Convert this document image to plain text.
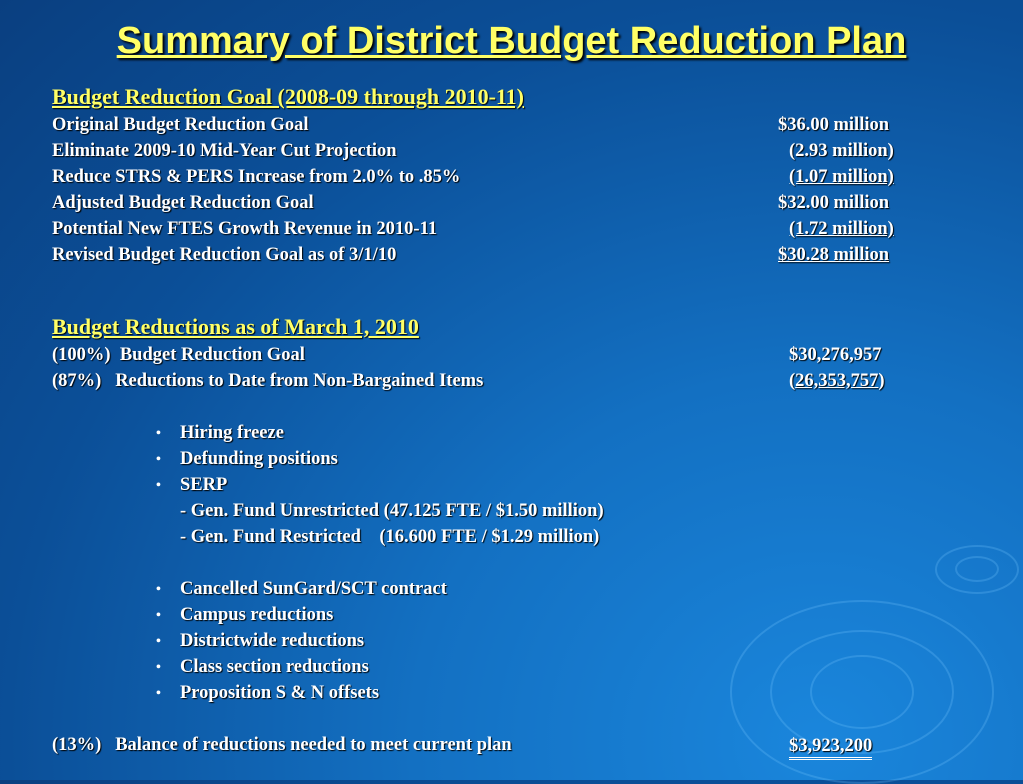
Summary of District Budget Reduction Plan
Budget Reduction Goal (2008-09 through 2010-11)
Original Budget Reduction Goal	$36.00 million
Eliminate 2009-10 Mid-Year Cut Projection	(2.93 million)
Reduce STRS & PERS Increase from 2.0% to .85%	(1.07 million)
Adjusted Budget Reduction Goal	$32.00 million
Potential New FTES Growth Revenue in 2010-11	(1.72 million)
Revised Budget Reduction Goal as of 3/1/10	$30.28 million
Budget Reductions as of March 1, 2010
(100%)  Budget Reduction Goal	$30,276,957
(87%)   Reductions to Date from Non-Bargained Items	(26,353,757)
• Hiring freeze
• Defunding positions
• SERP
- Gen. Fund Unrestricted (47.125 FTE / $1.50 million)
- Gen. Fund Restricted    (16.600 FTE / $1.29 million)
• Cancelled SunGard/SCT contract
• Campus reductions
• Districtwide reductions
• Class section reductions
• Proposition S & N offsets
(13%)   Balance of reductions needed to meet current plan	$3,923,200
